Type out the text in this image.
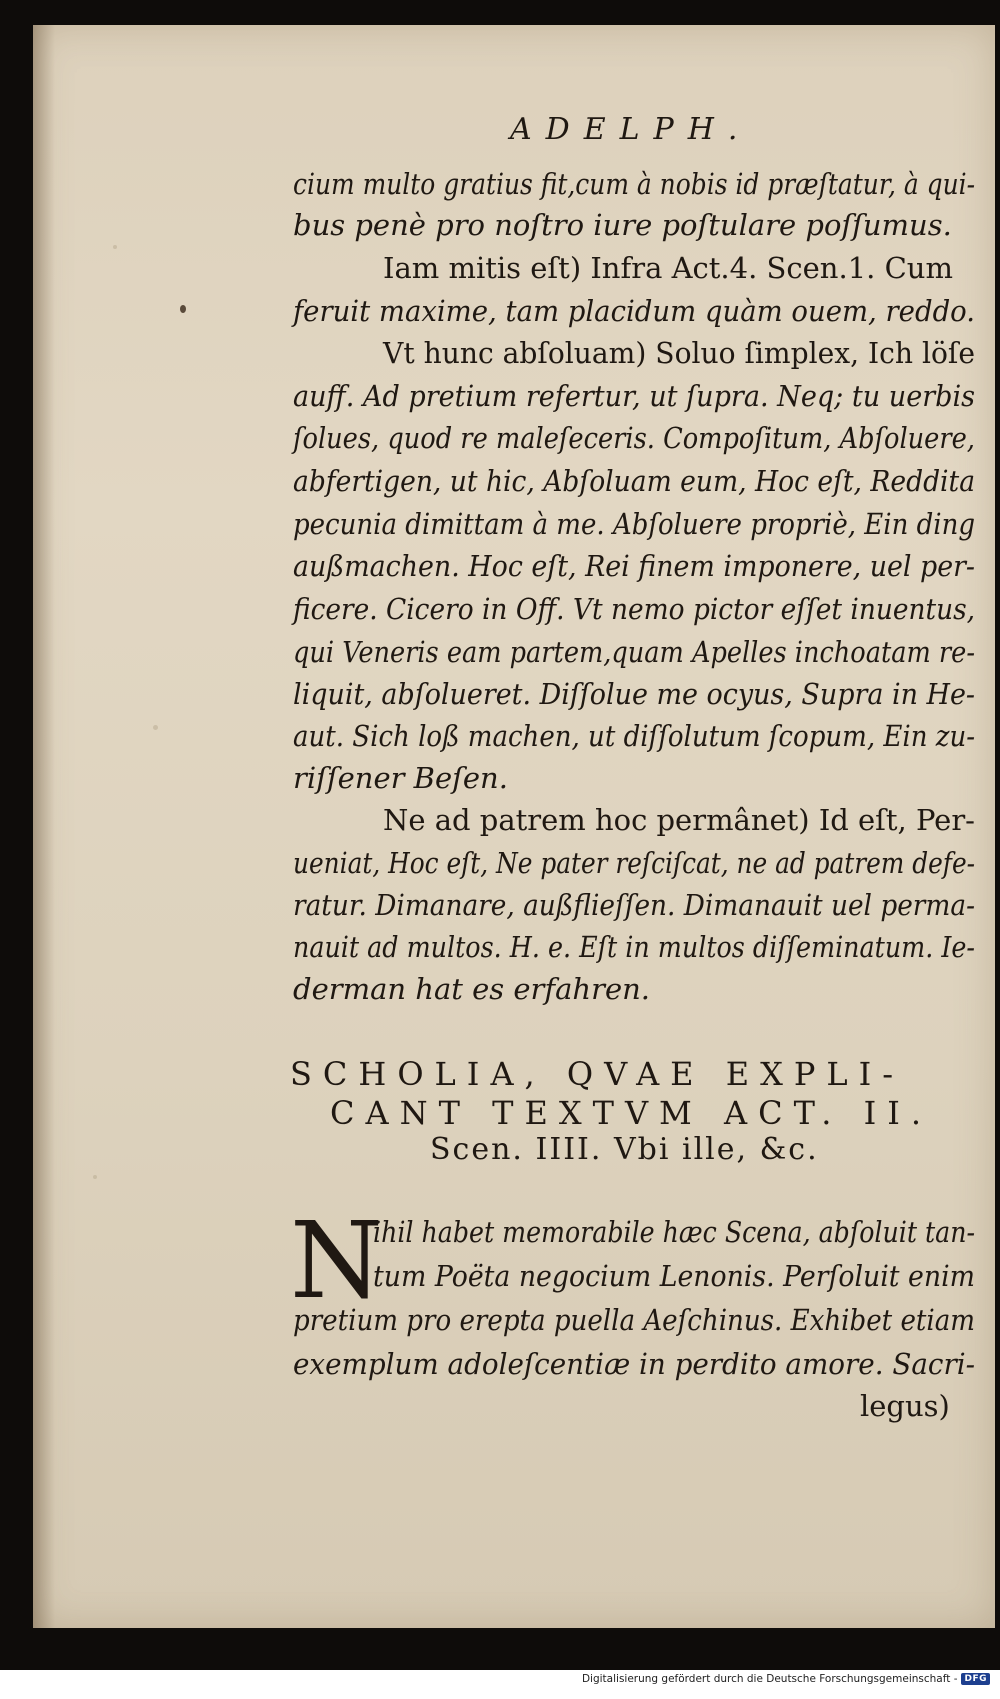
ADELPH.
cium multo gratius fit,cum à nobis id præſtatur, à qui-
bus penè pro noſtro iure poſtulare poſſumus.
Iam mitis eſt) Infra Act.4. Scen.1. Cum
feruit maxime, tam placidum quàm ouem, reddo.
Vt hunc abſoluam) Soluo ſimplex, Ich löſe
auff. Ad pretium refertur, ut ſupra. Neq; tu uerbis
ſolues, quod re maleſeceris. Compoſitum, Abſoluere,
abfertigen, ut hic, Abſoluam eum, Hoc eſt, Reddita
pecunia dimittam à me. Abſoluere propriè, Ein ding
außmachen. Hoc eſt, Rei finem imponere, uel per-
ficere. Cicero in Off. Vt nemo pictor eſſet inuentus,
qui Veneris eam partem,quam Apelles inchoatam re-
liquit, abſolueret. Diſſolue me ocyus, Supra in He-
aut. Sich loß machen, ut diſſolutum ſcopum, Ein zu-
riſſener Beſen.
Ne ad patrem hoc permânet) Id eſt, Per-
ueniat, Hoc eſt, Ne pater reſciſcat, ne ad patrem defe-
ratur. Dimanare, außflieſſen. Dimanauit uel perma-
nauit ad multos. H. e. Eſt in multos diſſeminatum. Ie-
derman hat es erfahren.
SCHOLIA, QVAE EXPLI-
CANT TEXTVM ACT. II.
Scen. IIII. Vbi ille, &c.
N
ihil habet memorabile hæc Scena, abſoluit tan-
tum Poëta negocium Lenonis. Perſoluit enim
pretium pro erepta puella Aeſchinus. Exhibet etiam
exemplum adoleſcentiæ in perdito amore. Sacri-
legus)
Digitalisierung gefördert durch die Deutsche Forschungsgemeinschaft - DFG
